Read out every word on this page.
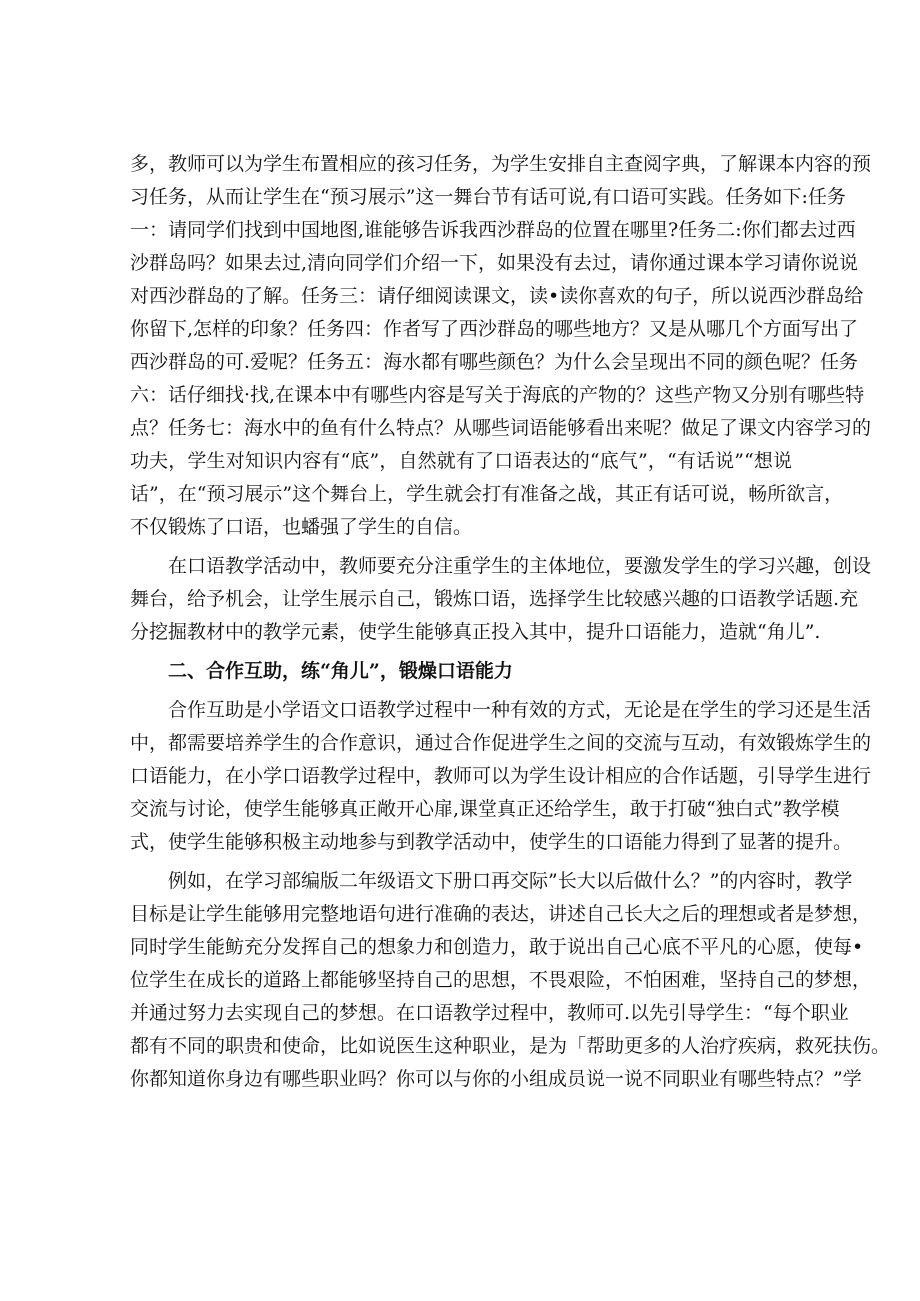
多，教师可以为学生布置相应的孩习任务，为学生安排自主查阅字典，了解课本内容的预
习任务，从而让学生在“预习展示”这一舞台节有话可说,有口语可实践。任务如下:任务
一：请同学们找到中国地图,谁能够告诉我西沙群岛的位置在哪里?任务二:你们都去过西
沙群岛吗？如果去过,清向同学们介绍一下，如果没有去过，请你通过课本学习请你说说
对西沙群岛的了解。任务三：请仔细阅读课文，读•读你喜欢的句子，所以说西沙群岛给
你留下,怎样的印象？任务四：作者写了西沙群岛的哪些地方？又是从哪几个方面写出了
西沙群岛的可.爱呢？任务五：海水都有哪些颜色？为什么会呈现出不同的颜色呢？任务
六：话仔细找·找,在课本中有哪些内容是写关于海底的产物的？这些产物又分别有哪些特
点？任务七：海水中的鱼有什么特点？从哪些词语能够看出来呢？做足了课文内容学习的
功夫，学生对知识内容有“底”，自然就有了口语表达的“底气”，“有话说”“想说
话”，在“预习展示”这个舞台上，学生就会打有准备之战，其正有话可说，畅所欲言，
不仅锻炼了口语，也蟠强了学生的自信。
在口语教学活动中，教师要充分注重学生的主体地位，要激发学生的学习兴趣，创设
舞台，给予机会，让学生展示自己，锻炼口语，选择学生比较感兴趣的口语教学话题.充
分挖掘教材中的教学元素，使学生能够真正投入其中，提升口语能力，造就“角儿”.
二、合作互助，练“角儿”，锻燥口语能力
合作互助是小学语文口语教学过程中一种有效的方式，无论是在学生的学习还是生活
中，都需要培养学生的合作意识，通过合作促进学生之间的交流与互动，有效锻炼学生的
口语能力，在小学口语教学过程中，教师可以为学生设计相应的合作话题，引导学生进行
交流与讨论，使学生能够真正敞开心扉,课堂真正还给学生，敢于打破“独白式”教学模
式，使学生能够积极主动地参与到教学活动中，使学生的口语能力得到了显著的提升。
例如，在学习部编版二年级语文下册口再交际”长大以后做什么？”的内容时，教学
目标是让学生能够用完整地语句进行准确的表达，讲述自己长大之后的理想或者是梦想，
同时学生能鲂充分发挥自己的想象力和创造力，敢于说出自己心底不平凡的心愿，使每•
位学生在成长的道路上都能够坚持自己的思想，不畏艰险，不怕困难，坚持自己的梦想，
并通过努力去实现自己的梦想。在口语教学过程中，教师可.以先引导学生：“每个职业
都有不同的职贵和使命，比如说医生这种职业，是为「帮助更多的人治疗疾病，救死扶伤。
你都知道你身边有哪些职业吗？你可以与你的小组成员说一说不同职业有哪些特点？”学
